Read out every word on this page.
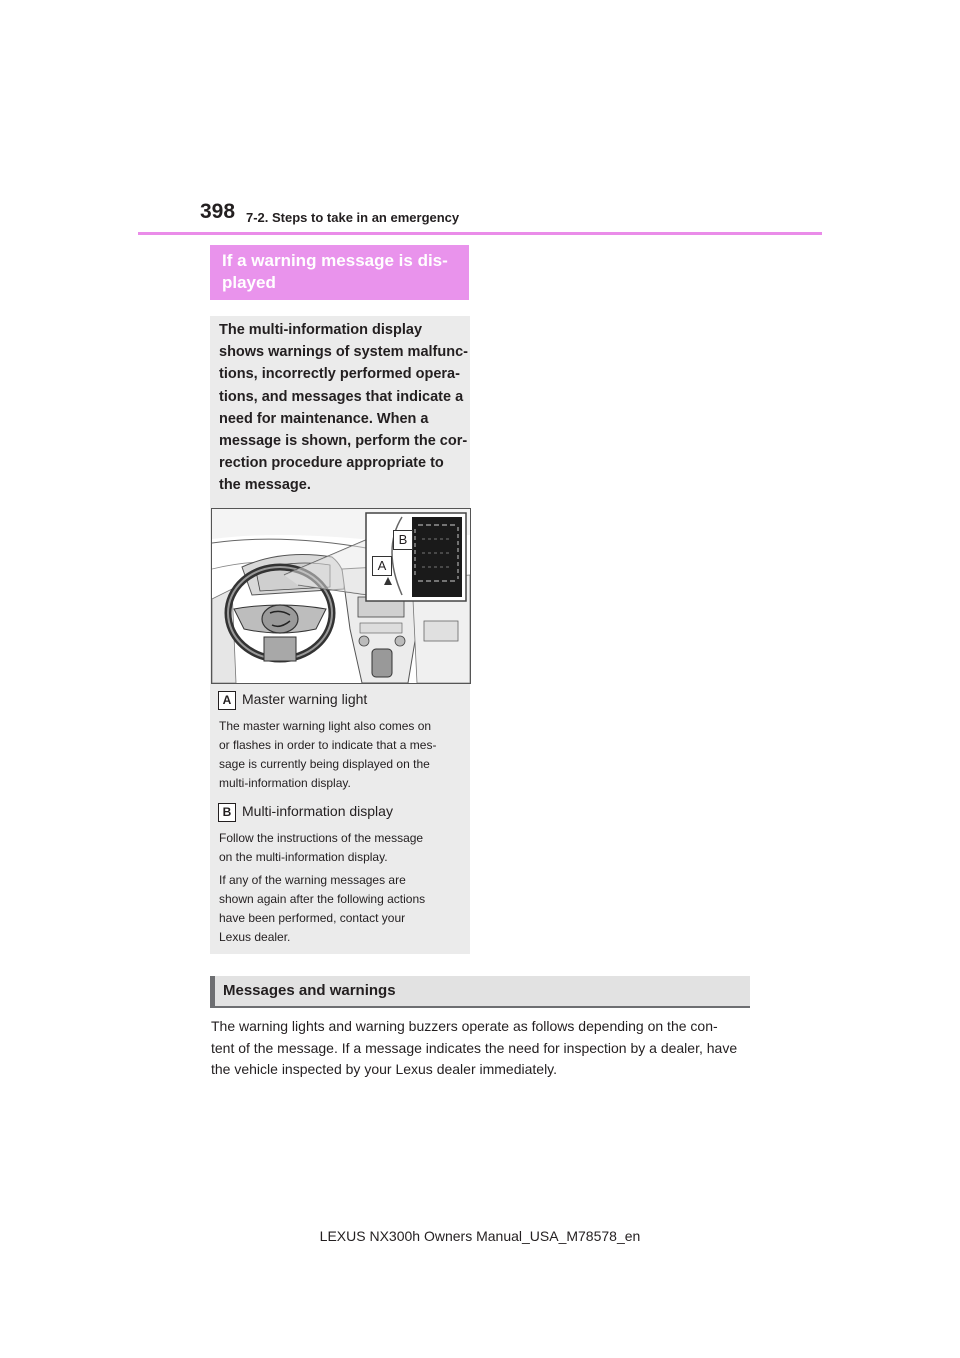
398 7-2. Steps to take in an emergency
If a warning message is dis-
played
The multi-information display
shows warnings of system malfunc-
tions, incorrectly performed opera-
tions, and messages that indicate a
need for maintenance. When a
message is shown, perform the cor-
rection procedure appropriate to
the message.
B
A
A Master warning light
The master warning light also comes on
or flashes in order to indicate that a mes-
sage is currently being displayed on the
multi-information display.
B Multi-information display
Follow the instructions of the message
on the multi-information display.
If any of the warning messages are
shown again after the following actions
have been performed, contact your
Lexus dealer.
Messages and warnings
The warning lights and warning buzzers operate as follows depending on the con-
tent of the message. If a message indicates the need for inspection by a dealer, have
the vehicle inspected by your Lexus dealer immediately.
LEXUS NX300h Owners Manual_USA_M78578_en
